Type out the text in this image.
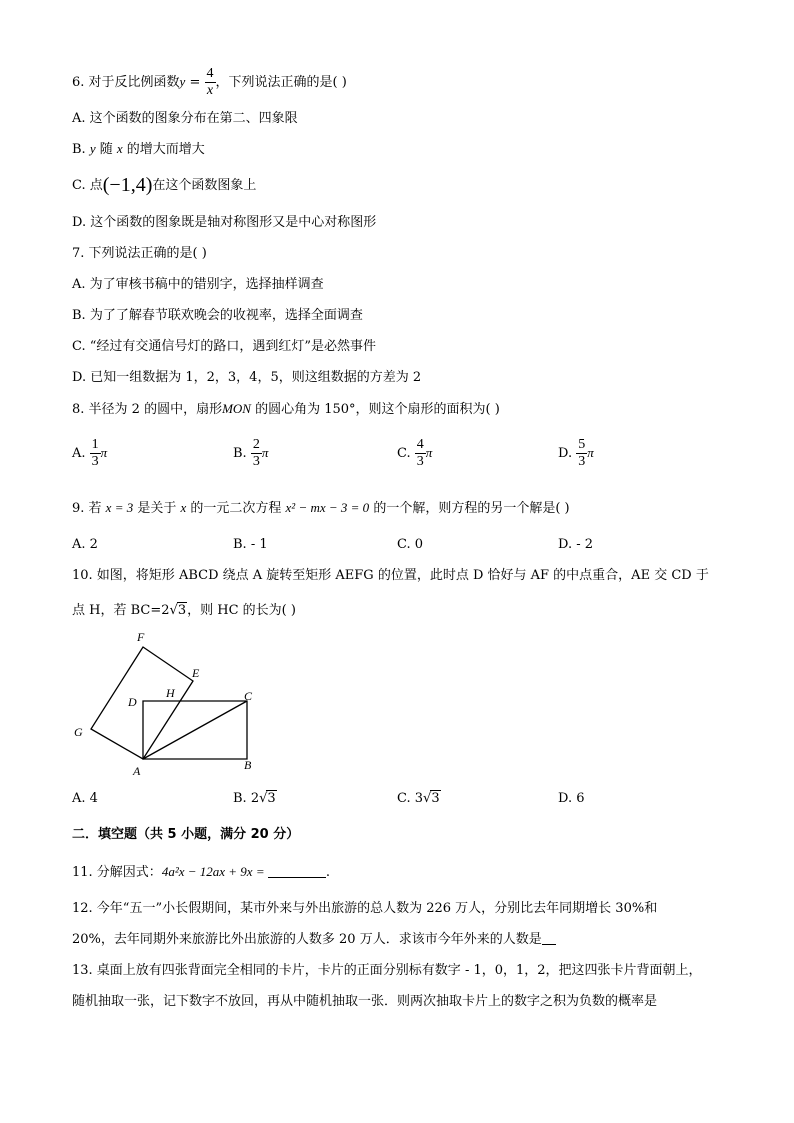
6. 对于反比例函数$y = \frac{4}{x}$ ，下列说法正确的是( )
A. 这个函数的图象分布在第二、四象限
B. y 随 x 的增大而增大
C. 点(−1,4)在这个函数图象上
D. 这个函数的图象既是轴对称图形又是中心对称图形
7. 下列说法正确的是( )
A. 为了审核书稿中的错别字，选择抽样调查
B. 为了了解春节联欢晚会的收视率，选择全面调查
C. “经过有交通信号灯的路口，遇到红灯”是必然事件
D. 已知一组数据为 1，2，3，4，5，则这组数据的方差为 2
8. 半径为 2 的圆中，扇形MON 的圆心角为 150°，则这个扇形的面积为( )
A. $\frac{1}{3}$ π	B. $\frac{2}{3}$ π	C. $\frac{4}{3}$ π	D. $\frac{5}{3}$ π
9. 若 x = 3 是关于 x 的一元二次方程 x² − mx − 3 = 0 的一个解，则方程的另一个解是( )
A. 2	B. - 1	C. 0	D. - 2
10. 如图，将矩形 ABCD 绕点 A 旋转至矩形 AEFG 的位置，此时点 D 恰好与 AF 的中点重合，AE 交 CD 于
点 H，若 BC=2√3，则 HC 的长为( )
F
E
H
D	C
G
A	B
A. 4	B. 2√3	C. 3√3	D. 6
二．填空题（共 5 小题，满分 20 分）
11. 分解因式：4a²x − 12ax + 9x =	.
12. 今年“五一”小长假期间，某市外来与外出旅游的总人数为 226 万人，分别比去年同期增长 30%和
20%，去年同期外来旅游比外出旅游的人数多 20 万人．求该市今年外来的人数是
13. 桌面上放有四张背面完全相同的卡片，卡片的正面分别标有数字 - 1，0，1，2，把这四张卡片背面朝上，
随机抽取一张，记下数字不放回，再从中随机抽取一张．则两次抽取卡片上的数字之积为负数的概率是
